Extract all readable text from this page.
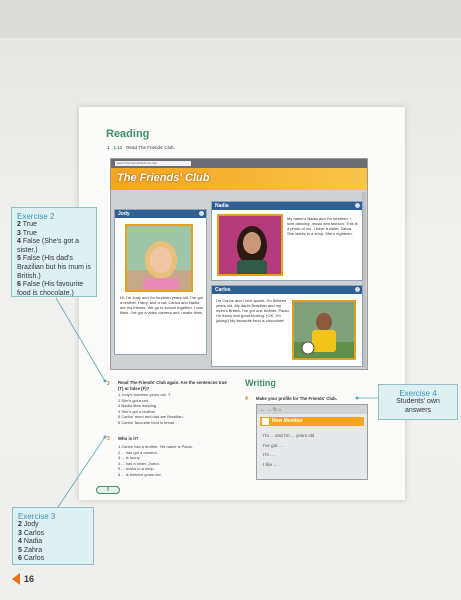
Reading
1 1.12 Read The Friends' Club.
www.TheFriendsClub.net.com
The Friends' Club
Jody
Hi. I'm Jody and I'm fourteen years old. I've got a brother, Harry, and a cat. Carlos and Nadia are my friends. We go to school together. I love films. I've got a video camera and I make films.
Nadia
My name's Nadia and I'm fourteen. I love dancing, music and fashion. This is a photo of me. I have a sister, Zahra. She works in a shop. She's eighteen.
Carlos
I'm Carlos and I love sports. I'm thirteen years old. My dad's Brazilian and my mum's British. I've got one brother, Paolo. I'm funny and good-looking. (OK, I'm joking!) My favourite food is chocolate!
2 Read The Friends' Club again. Are the sentences true (T) or false (F)?
1 Jody's fourteen years old. T
2 She's got a pet.
3 Nadia likes dancing.
4 She's got a brother.
5 Carlos' mum and dad are Brazilian.
6 Carlos' favourite food is bread.
3 Who is it?
1 Carlos has a brother. His name is Paolo.
2 ... has got a camera.
3 ... is funny.
4 ... has a sister, Zahra.
5 ... works in a shop.
6 ... is thirteen years old.
8
Writing
4 Make your profile for The Friends' Club.
← → ↻ ⌂
New Member
I'm ... and I'm ... years old.
I've got ... .
I'm ... .
I like ... .
Exercise 2
2 True
3 True
4 False (She's got a sister.)
5 False (His dad's Brazilian but his mum is British.)
6 False (His favourite food is chocolate.)
Exercise 3
2 Jody
3 Carlos
4 Nadia
5 Zahra
6 Carlos
Exercise 4
Students' own answers
16
